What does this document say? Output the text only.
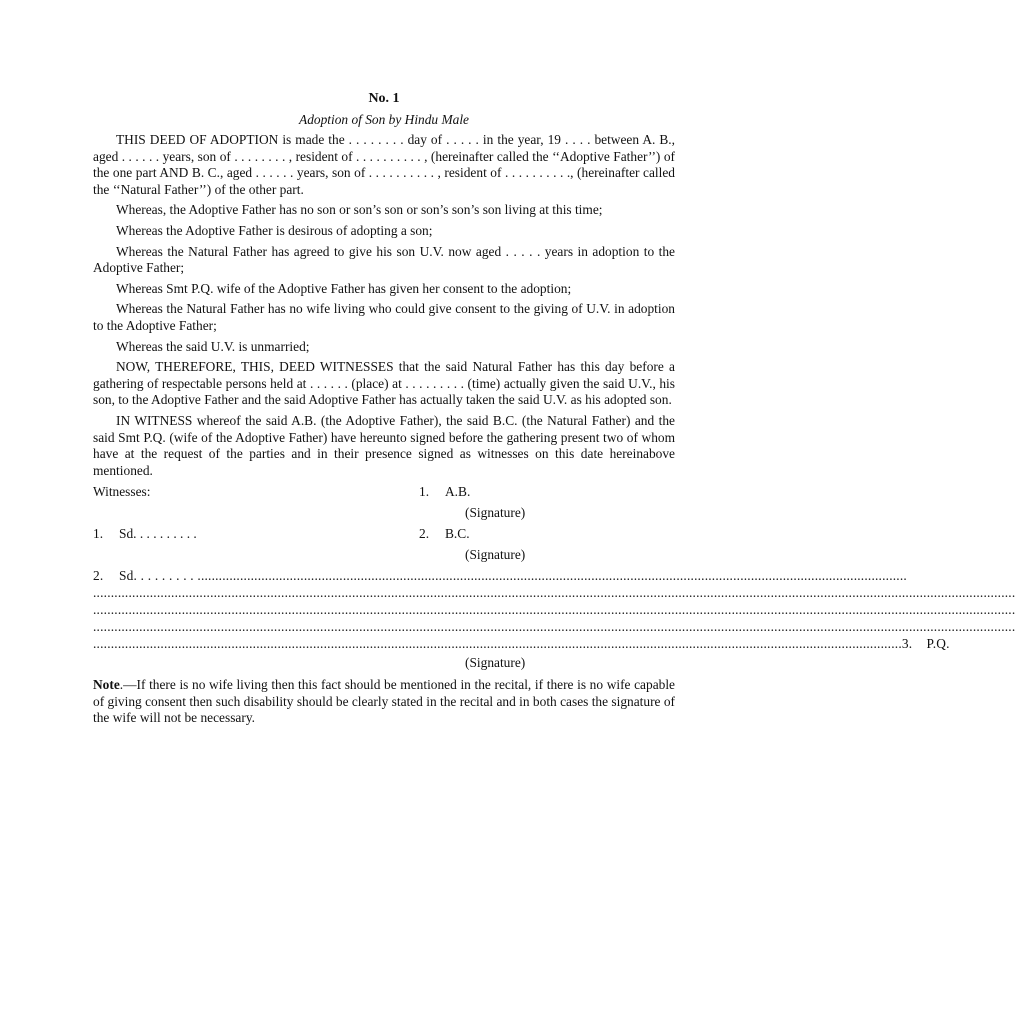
No. 1
Adoption of Son by Hindu Male

THIS DEED OF ADOPTION is made the . . . . . . . . day of . . . . . in the year, 19 . . . . between A. B., aged . . . . . . years, son of . . . . . . . . , resident of . . . . . . . . . . , (hereinafter called the ‘‘Adoptive Father’’) of the one part AND B. C., aged . . . . . . years, son of . . . . . . . . . . , resident of . . . . . . . . . ., (hereinafter called the ‘‘Natural Father’’) of the other part.

Whereas, the Adoptive Father has no son or son’s son or son’s son’s son living at this time;

Whereas the Adoptive Father is desirous of adopting a son;

Whereas the Natural Father has agreed to give his son U.V. now aged . . . . . years in adoption to the Adoptive Father;

Whereas Smt P.Q. wife of the Adoptive Father has given her consent to the adoption;

Whereas the Natural Father has no wife living who could give consent to the giving of U.V. in adoption to the Adoptive Father;

Whereas the said U.V. is unmarried;

NOW, THEREFORE, THIS, DEED WITNESSES that the said Natural Father has this day before a gathering of respectable persons held at . . . . . . (place) at . . . . . . . . . (time) actually given the said U.V., his son, to the Adoptive Father and the said Adoptive Father has actually taken the said U.V. as his adopted son.

IN WITNESS whereof the said A.B. (the Adoptive Father), the said B.C. (the Natural Father) and the said Smt P.Q. (wife of the Adoptive Father) have hereunto signed before the gathering present two of whom have at the request of the parties and in their presence signed as witnesses on this date hereinabove mentioned.

Witnesses:	1. A.B.
(Signature)
1. Sd. . . . . . . . . .	2. B.C.
(Signature)
2. Sd. . . . . . . . . ........................................................................................................................................................................................................
....................................................................................................................................................................................................................................................................
....................................................................................................................................................................................................................................................................
....................................................................................................................................................................................................................................................................
.................................................................................................................................................................................................................................... 3. P.Q.
(Signature)

Note.—If there is no wife living then this fact should be mentioned in the recital, if there is no wife capable of giving consent then such disability should be clearly stated in the recital and in both cases the signature of the wife will not be necessary.
